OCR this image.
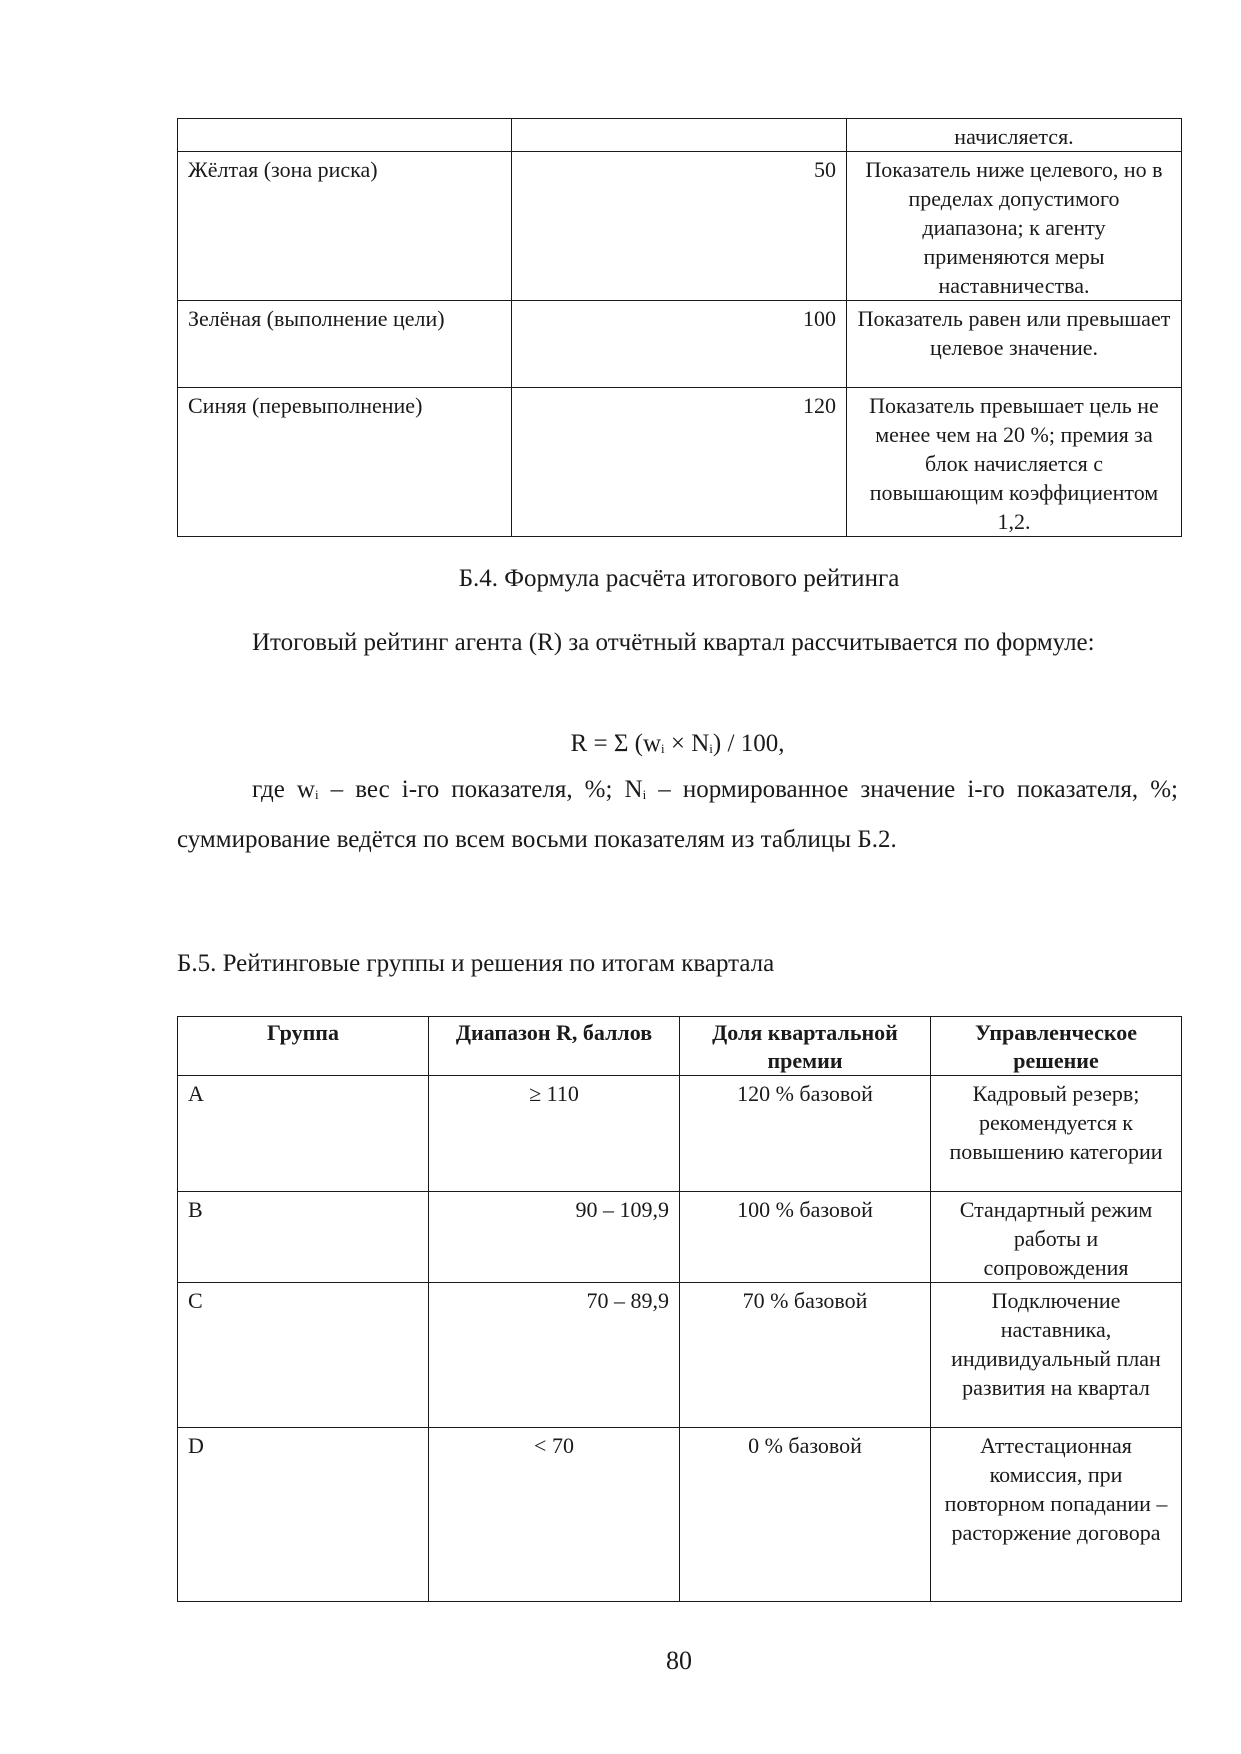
		начисляется.
Жёлтая (зона риска)	50	Показатель ниже целевого, но в пределах допустимого диапазона; к агенту применяются меры наставничества.
Зелёная (выполнение цели)	100	Показатель равен или превышает целевое значение.
Синяя (перевыполнение)	120	Показатель превышает цель не менее чем на 20 %; премия за блок начисляется с повышающим коэффициентом 1,2.
Б.4. Формула расчёта итогового рейтинга

Итоговый рейтинг агента (R) за отчётный квартал рассчитывается по формуле:

R = Σ $(w_i \times N_i) / 100$,

где $w_i$ – вес i-го показателя, %; $N_i$ – нормированное значение i-го показателя, %; суммирование ведётся по всем восьми показателям из таблицы Б.2.

Б.5. Рейтинговые группы и решения по итогам квартала
Группа	Диапазон R, баллов	Доля квартальной премии	Управленческое решение
A	≥ 110	120 % базовой	Кадровый резерв; рекомендуется к повышению категории
B	90 – 109,9	100 % базовой	Стандартный режим работы и сопровождения
C	70 – 89,9	70 % базовой	Подключение наставника, индивидуальный план развития на квартал
D	< 70	0 % базовой	Аттестационная комиссия, при повторном попадании – расторжение договора
80
